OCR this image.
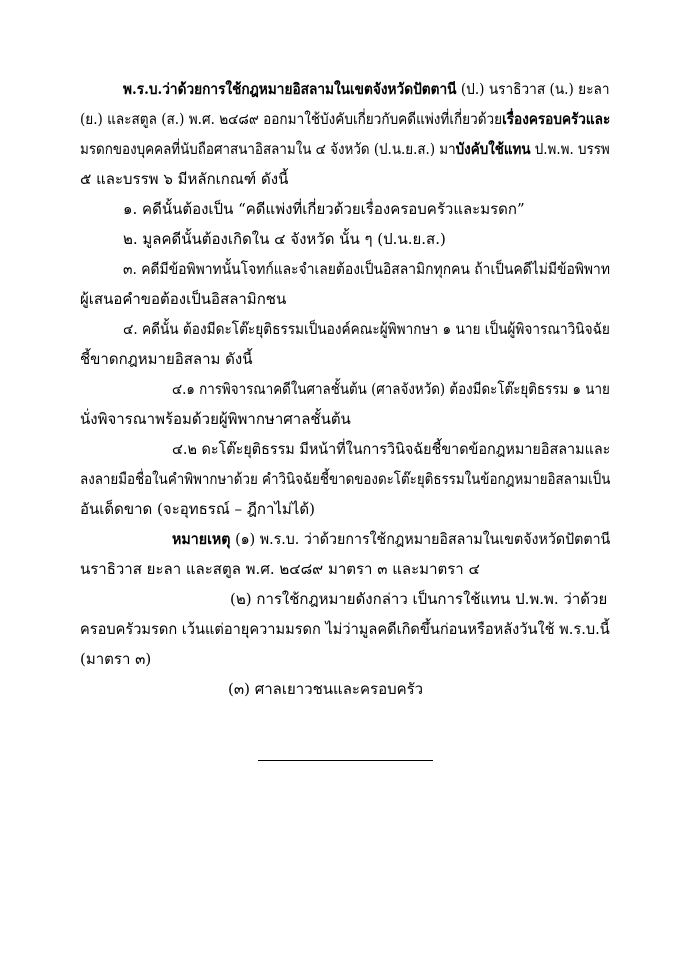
พ.ร.บ.ว่าด้วยการใช้กฎหมายอิสลามในเขตจังหวัดปัตตานี (ป.) นราธิวาส (น.) ยะลา
(ย.) และสตูล (ส.) พ.ศ. ๒๔๘๙ ออกมาใช้บังคับเกี่ยวกับคดีแพ่งที่เกี่ยวด้วยเรื่องครอบครัวและ
มรดกของบุคคลที่นับถือศาสนาอิสลามใน ๔ จังหวัด (ป.น.ย.ส.) มาบังคับใช้แทน ป.พ.พ. บรรพ
๕ และบรรพ ๖ มีหลักเกณฑ์ ดังนี้
๑. คดีนั้นต้องเป็น “คดีแพ่งที่เกี่ยวด้วยเรื่องครอบครัวและมรดก”
๒. มูลคดีนั้นต้องเกิดใน ๔ จังหวัด นั้น ๆ (ป.น.ย.ส.)
๓. คดีมีข้อพิพาทนั้นโจทก์และจำเลยต้องเป็นอิสลามิกทุกคน ถ้าเป็นคดีไม่มีข้อพิพาท
ผู้เสนอคำขอต้องเป็นอิสลามิกชน
๔. คดีนั้น ต้องมีดะโต๊ะยุติธรรมเป็นองค์คณะผู้พิพากษา ๑ นาย เป็นผู้พิจารณาวินิจฉัย
ชี้ขาดกฎหมายอิสลาม ดังนี้
๔.๑ การพิจารณาคดีในศาลชั้นต้น (ศาลจังหวัด) ต้องมีดะโต๊ะยุติธรรม ๑ นาย
นั่งพิจารณาพร้อมด้วยผู้พิพากษาศาลชั้นต้น
๔.๒ ดะโต๊ะยุติธรรม มีหน้าที่ในการวินิจฉัยชี้ขาดข้อกฎหมายอิสลามและ
ลงลายมือชื่อในคำพิพากษาด้วย คำวินิจฉัยชี้ขาดของดะโต๊ะยุติธรรมในข้อกฎหมายอิสลามเป็น
อันเด็ดขาด (จะอุทธรณ์ – ฎีกาไม่ได้)
หมายเหตุ (๑) พ.ร.บ. ว่าด้วยการใช้กฎหมายอิสลามในเขตจังหวัดปัตตานี
นราธิวาส ยะลา และสตูล พ.ศ. ๒๔๘๙ มาตรา ๓ และมาตรา ๔
(๒) การใช้กฎหมายดังกล่าว เป็นการใช้แทน ป.พ.พ. ว่าด้วย
ครอบครัวมรดก เว้นแต่อายุความมรดก ไม่ว่ามูลคดีเกิดขึ้นก่อนหรือหลังวันใช้ พ.ร.บ.นี้
(มาตรา ๓)
(๓) ศาลเยาวชนและครอบครัว
